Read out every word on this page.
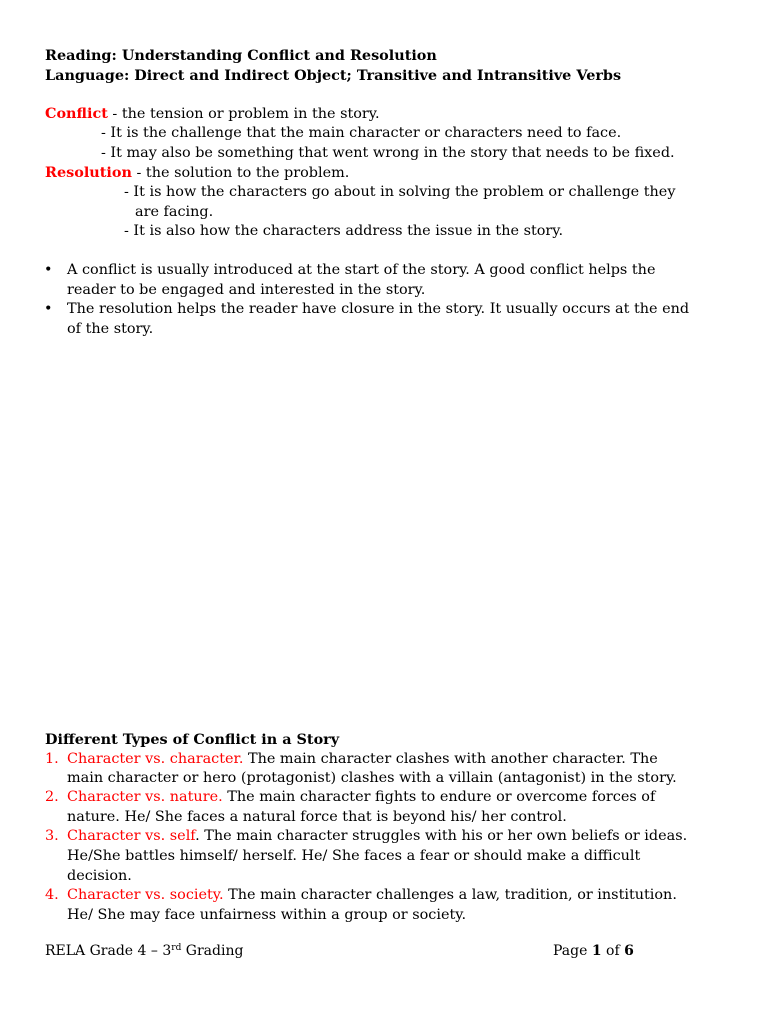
Reading: Understanding Conflict and Resolution
Language: Direct and Indirect Object; Transitive and Intransitive Verbs
Conflict - the tension or problem in the story.
- It is the challenge that the main character or characters need to face.
- It may also be something that went wrong in the story that needs to be fixed.
Resolution - the solution to the problem.
- It is how the characters go about in solving the problem or challenge they
are facing.
- It is also how the characters address the issue in the story.
• A conflict is usually introduced at the start of the story. A good conflict helps the
reader to be engaged and interested in the story.
• The resolution helps the reader have closure in the story. It usually occurs at the end
of the story.
Different Types of Conflict in a Story
1. Character vs. character. The main character clashes with another character. The
main character or hero (protagonist) clashes with a villain (antagonist) in the story.
2. Character vs. nature. The main character fights to endure or overcome forces of
nature. He/ She faces a natural force that is beyond his/ her control.
3. Character vs. self. The main character struggles with his or her own beliefs or ideas.
He/She battles himself/ herself. He/ She faces a fear or should make a difficult
decision.
4. Character vs. society. The main character challenges a law, tradition, or institution.
He/ She may face unfairness within a group or society.
RELA Grade 4 – 3rd Grading	Page 1 of 6
